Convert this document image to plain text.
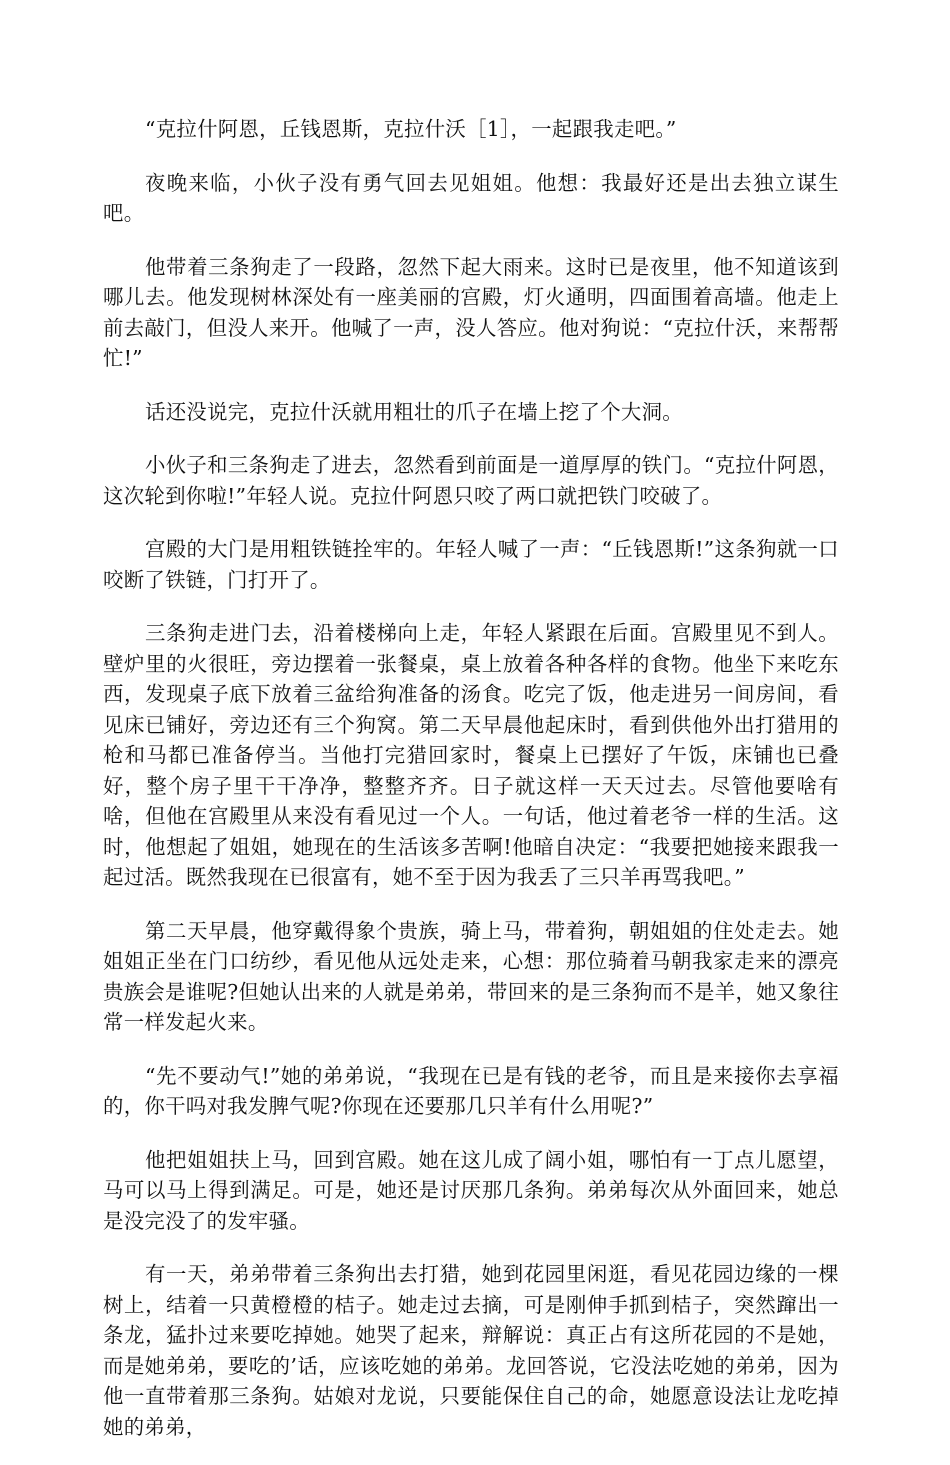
“克拉什阿恩，丘钱恩斯，克拉什沃［1］，一起跟我走吧。”

夜晚来临，小伙子没有勇气回去见姐姐。他想：我最好还是出去独立谋生吧。

他带着三条狗走了一段路，忽然下起大雨来。这时已是夜里，他不知道该到哪儿去。他发现树林深处有一座美丽的宫殿，灯火通明，四面围着高墙。他走上前去敲门，但没人来开。他喊了一声，没人答应。他对狗说：“克拉什沃，来帮帮忙!”

话还没说完，克拉什沃就用粗壮的爪子在墙上挖了个大洞。

小伙子和三条狗走了进去，忽然看到前面是一道厚厚的铁门。“克拉什阿恩，这次轮到你啦!”年轻人说。克拉什阿恩只咬了两口就把铁门咬破了。

宫殿的大门是用粗铁链拴牢的。年轻人喊了一声：“丘钱恩斯!”这条狗就一口咬断了铁链，门打开了。

三条狗走进门去，沿着楼梯向上走，年轻人紧跟在后面。宫殿里见不到人。壁炉里的火很旺，旁边摆着一张餐桌，桌上放着各种各样的食物。他坐下来吃东西，发现桌子底下放着三盆给狗准备的汤食。吃完了饭，他走进另一间房间，看见床已铺好，旁边还有三个狗窝。第二天早晨他起床时，看到供他外出打猎用的枪和马都已准备停当。当他打完猎回家时，餐桌上已摆好了午饭，床铺也已叠好，整个房子里干干净净，整整齐齐。日子就这样一天天过去。尽管他要啥有啥，但他在宫殿里从来没有看见过一个人。一句话，他过着老爷一样的生活。这时，他想起了姐姐，她现在的生活该多苦啊!他暗自决定：“我要把她接来跟我一起过活。既然我现在已很富有，她不至于因为我丢了三只羊再骂我吧。”

第二天早晨，他穿戴得象个贵族，骑上马，带着狗，朝姐姐的住处走去。她姐姐正坐在门口纺纱，看见他从远处走来，心想：那位骑着马朝我家走来的漂亮贵族会是谁呢?但她认出来的人就是弟弟，带回来的是三条狗而不是羊，她又象往常一样发起火来。

“先不要动气!”她的弟弟说，“我现在已是有钱的老爷，而且是来接你去享福的，你干吗对我发脾气呢?你现在还要那几只羊有什么用呢?”

他把姐姐扶上马，回到宫殿。她在这儿成了阔小姐，哪怕有一丁点儿愿望，马可以马上得到满足。可是，她还是讨厌那几条狗。弟弟每次从外面回来，她总是没完没了的发牢骚。

有一天，弟弟带着三条狗出去打猎，她到花园里闲逛，看见花园边缘的一棵树上，结着一只黄橙橙的桔子。她走过去摘，可是刚伸手抓到桔子，突然蹿出一条龙，猛扑过来要吃掉她。她哭了起来，辩解说：真正占有这所花园的不是她，而是她弟弟，要吃的’话，应该吃她的弟弟。龙回答说，它没法吃她的弟弟，因为他一直带着那三条狗。姑娘对龙说，只要能保住自己的命，她愿意设法让龙吃掉她的弟弟，
